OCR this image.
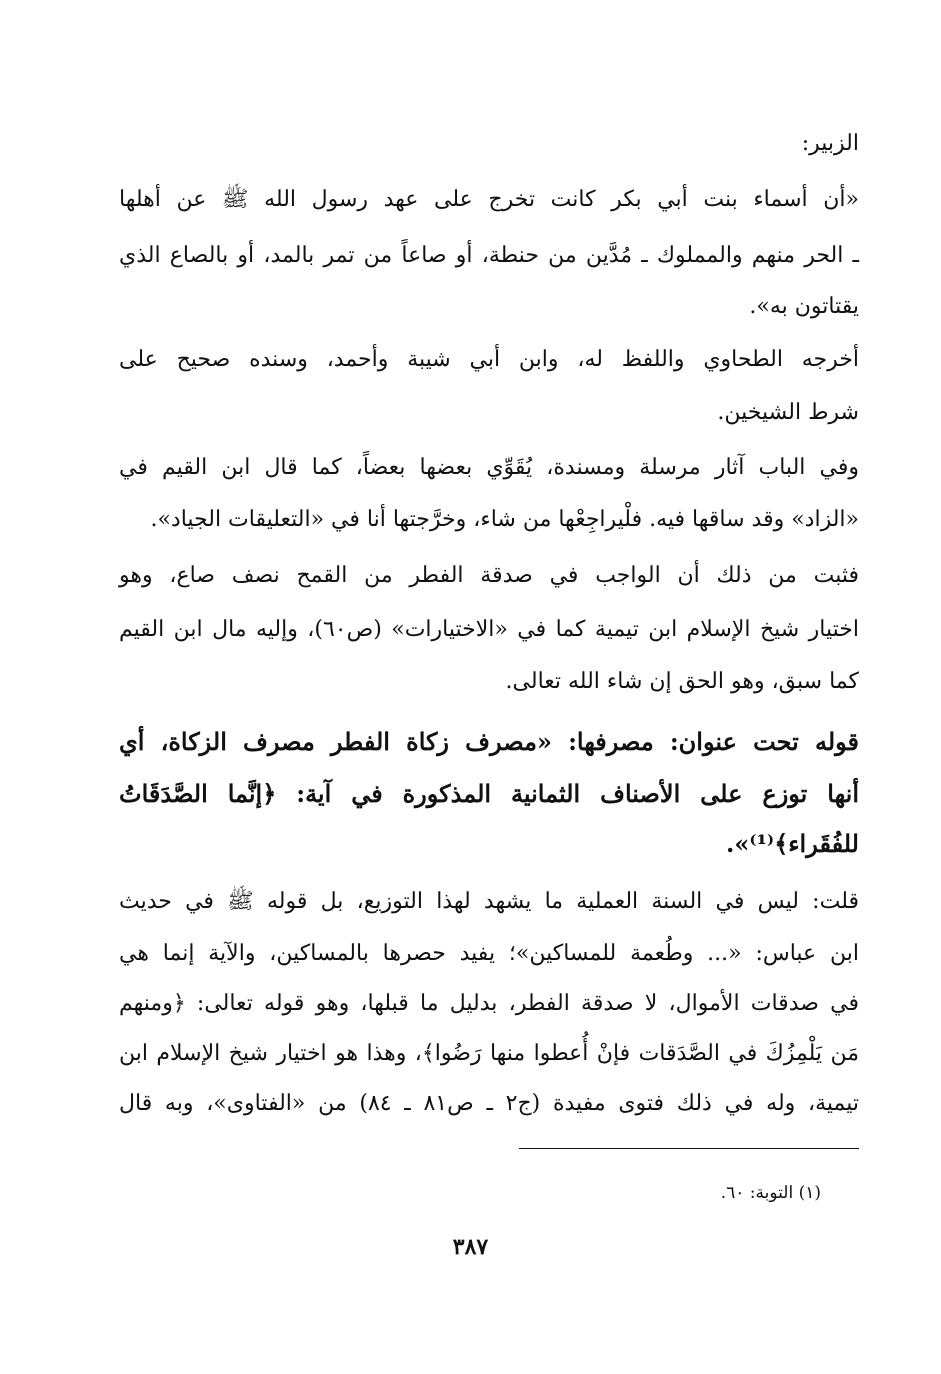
الزبير:
«أن أسماء بنت أبي بكر كانت تخرج على عهد رسول الله ﷺ عن أهلها
ـ الحر منهم والمملوك ـ مُدَّين من حنطة، أو صاعاً من تمر بالمد، أو بالصاع الذي
يقتاتون به».
أخرجه الطحاوي واللفظ له، وابن أبي شيبة وأحمد، وسنده صحيح على
شرط الشيخين.
وفي الباب آثار مرسلة ومسندة، يُقَوِّي بعضها بعضاً، كما قال ابن القيم في
«الزاد» وقد ساقها فيه. فلْيراجِعْها من شاء، وخرَّجتها أنا في «التعليقات الجياد».
فثبت من ذلك أن الواجب في صدقة الفطر من القمح نصف صاع، وهو
اختيار شيخ الإسلام ابن تيمية كما في «الاختيارات» (ص٦٠)، وإليه مال ابن القيم
كما سبق، وهو الحق إن شاء الله تعالى.
قوله تحت عنوان: مصرفها: «مصرف زكاة الفطر مصرف الزكاة، أي
أنها توزع على الأصناف الثمانية المذكورة في آية: ﴿إنَّما الصَّدَقَاتُ
للفُقَراء﴾⁽¹⁾».
قلت: ليس في السنة العملية ما يشهد لهذا التوزيع، بل قوله ﷺ في حديث
ابن عباس: «... وطُعمة للمساكين»؛ يفيد حصرها بالمساكين، والآية إنما هي
في صدقات الأموال، لا صدقة الفطر، بدليل ما قبلها، وهو قوله تعالى: ﴿ومنهم
مَن يَلْمِزُكَ في الصَّدَقات فإنْ أُعطوا منها رَضُوا﴾، وهذا هو اختيار شيخ الإسلام ابن
تيمية، وله في ذلك فتوى مفيدة (ج٢ ـ ص٨١ ـ ٨٤) من «الفتاوى»، وبه قال
(١) التوبة: ٦٠.
٣٨٧
